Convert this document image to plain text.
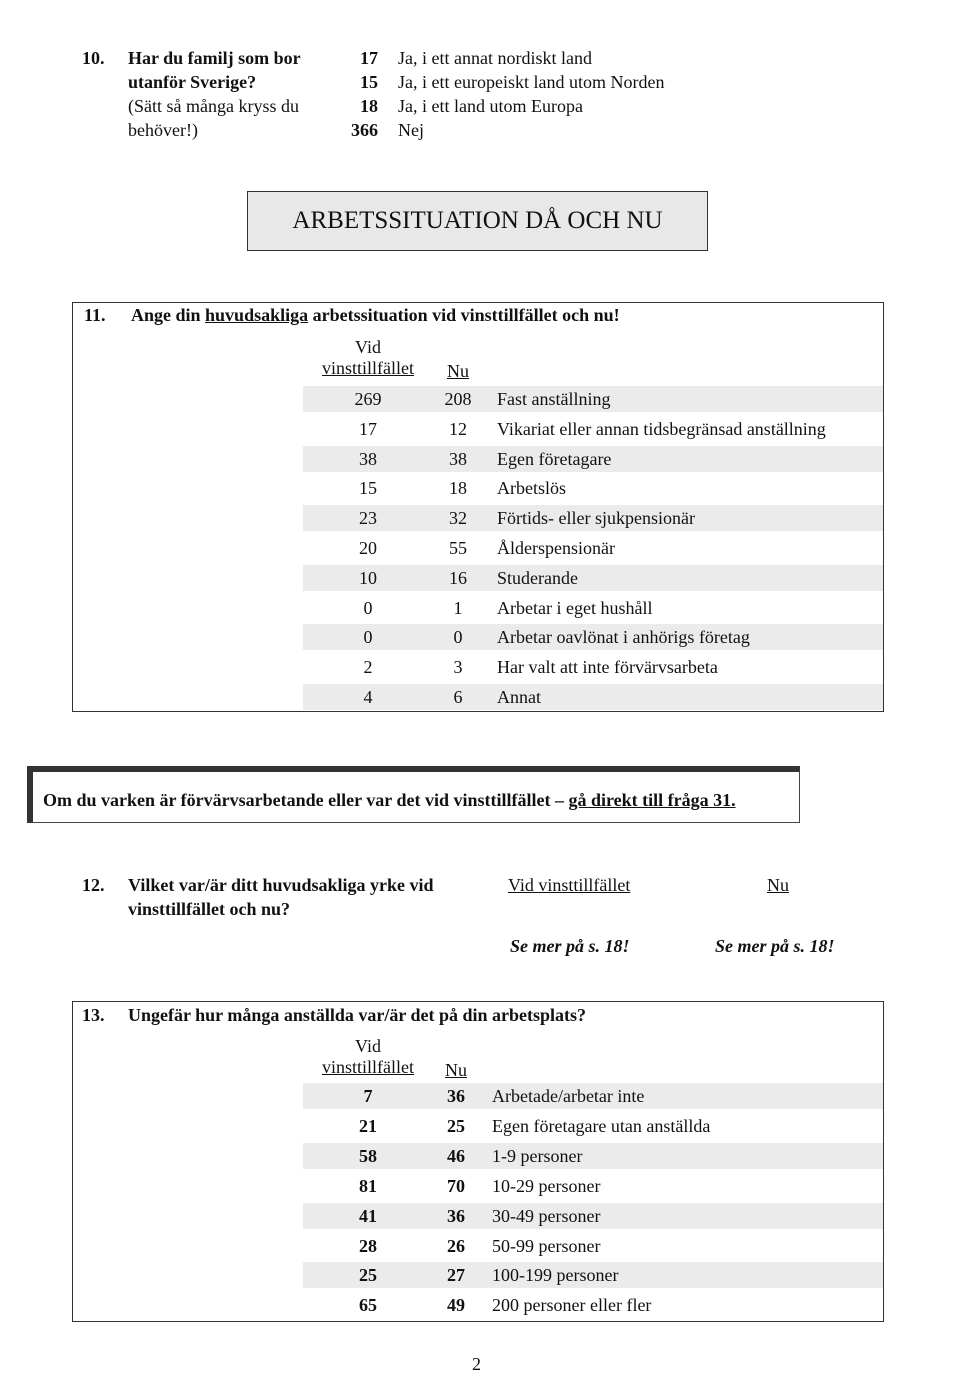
10. Har du familj som bor
utanför Sverige?
(Sätt så många kryss du
behöver!)
17 Ja, i ett annat nordiskt land
15 Ja, i ett europeiskt land utom Norden
18 Ja, i ett land utom Europa
366 Nej
ARBETSSITUATION DÅ OCH NU
11. Ange din huvudsakliga arbetssituation vid vinsttillfället och nu!
Vid
vinsttillfället	Nu
269	208	Fast anställning
17	12	Vikariat eller annan tidsbegränsad anställning
38	38	Egen företagare
15	18	Arbetslös
23	32	Förtids- eller sjukpensionär
20	55	Ålderspensionär
10	16	Studerande
0	1	Arbetar i eget hushåll
0	0	Arbetar oavlönat i anhörigs företag
2	3	Har valt att inte förvärvsarbeta
4	6	Annat
Om du varken är förvärvsarbetande eller var det vid vinsttillfället – gå direkt till fråga 31.
12. Vilket var/är ditt huvudsakliga yrke vid
vinsttillfället och nu?
Vid vinsttillfället	Nu
Se mer på s. 18!	Se mer på s. 18!
13. Ungefär hur många anställda var/är det på din arbetsplats?
Vid
vinsttillfället	Nu
7	36	Arbetade/arbetar inte
21	25	Egen företagare utan anställda
58	46	1-9 personer
81	70	10-29 personer
41	36	30-49 personer
28	26	50-99 personer
25	27	100-199 personer
65	49	200 personer eller fler
2
